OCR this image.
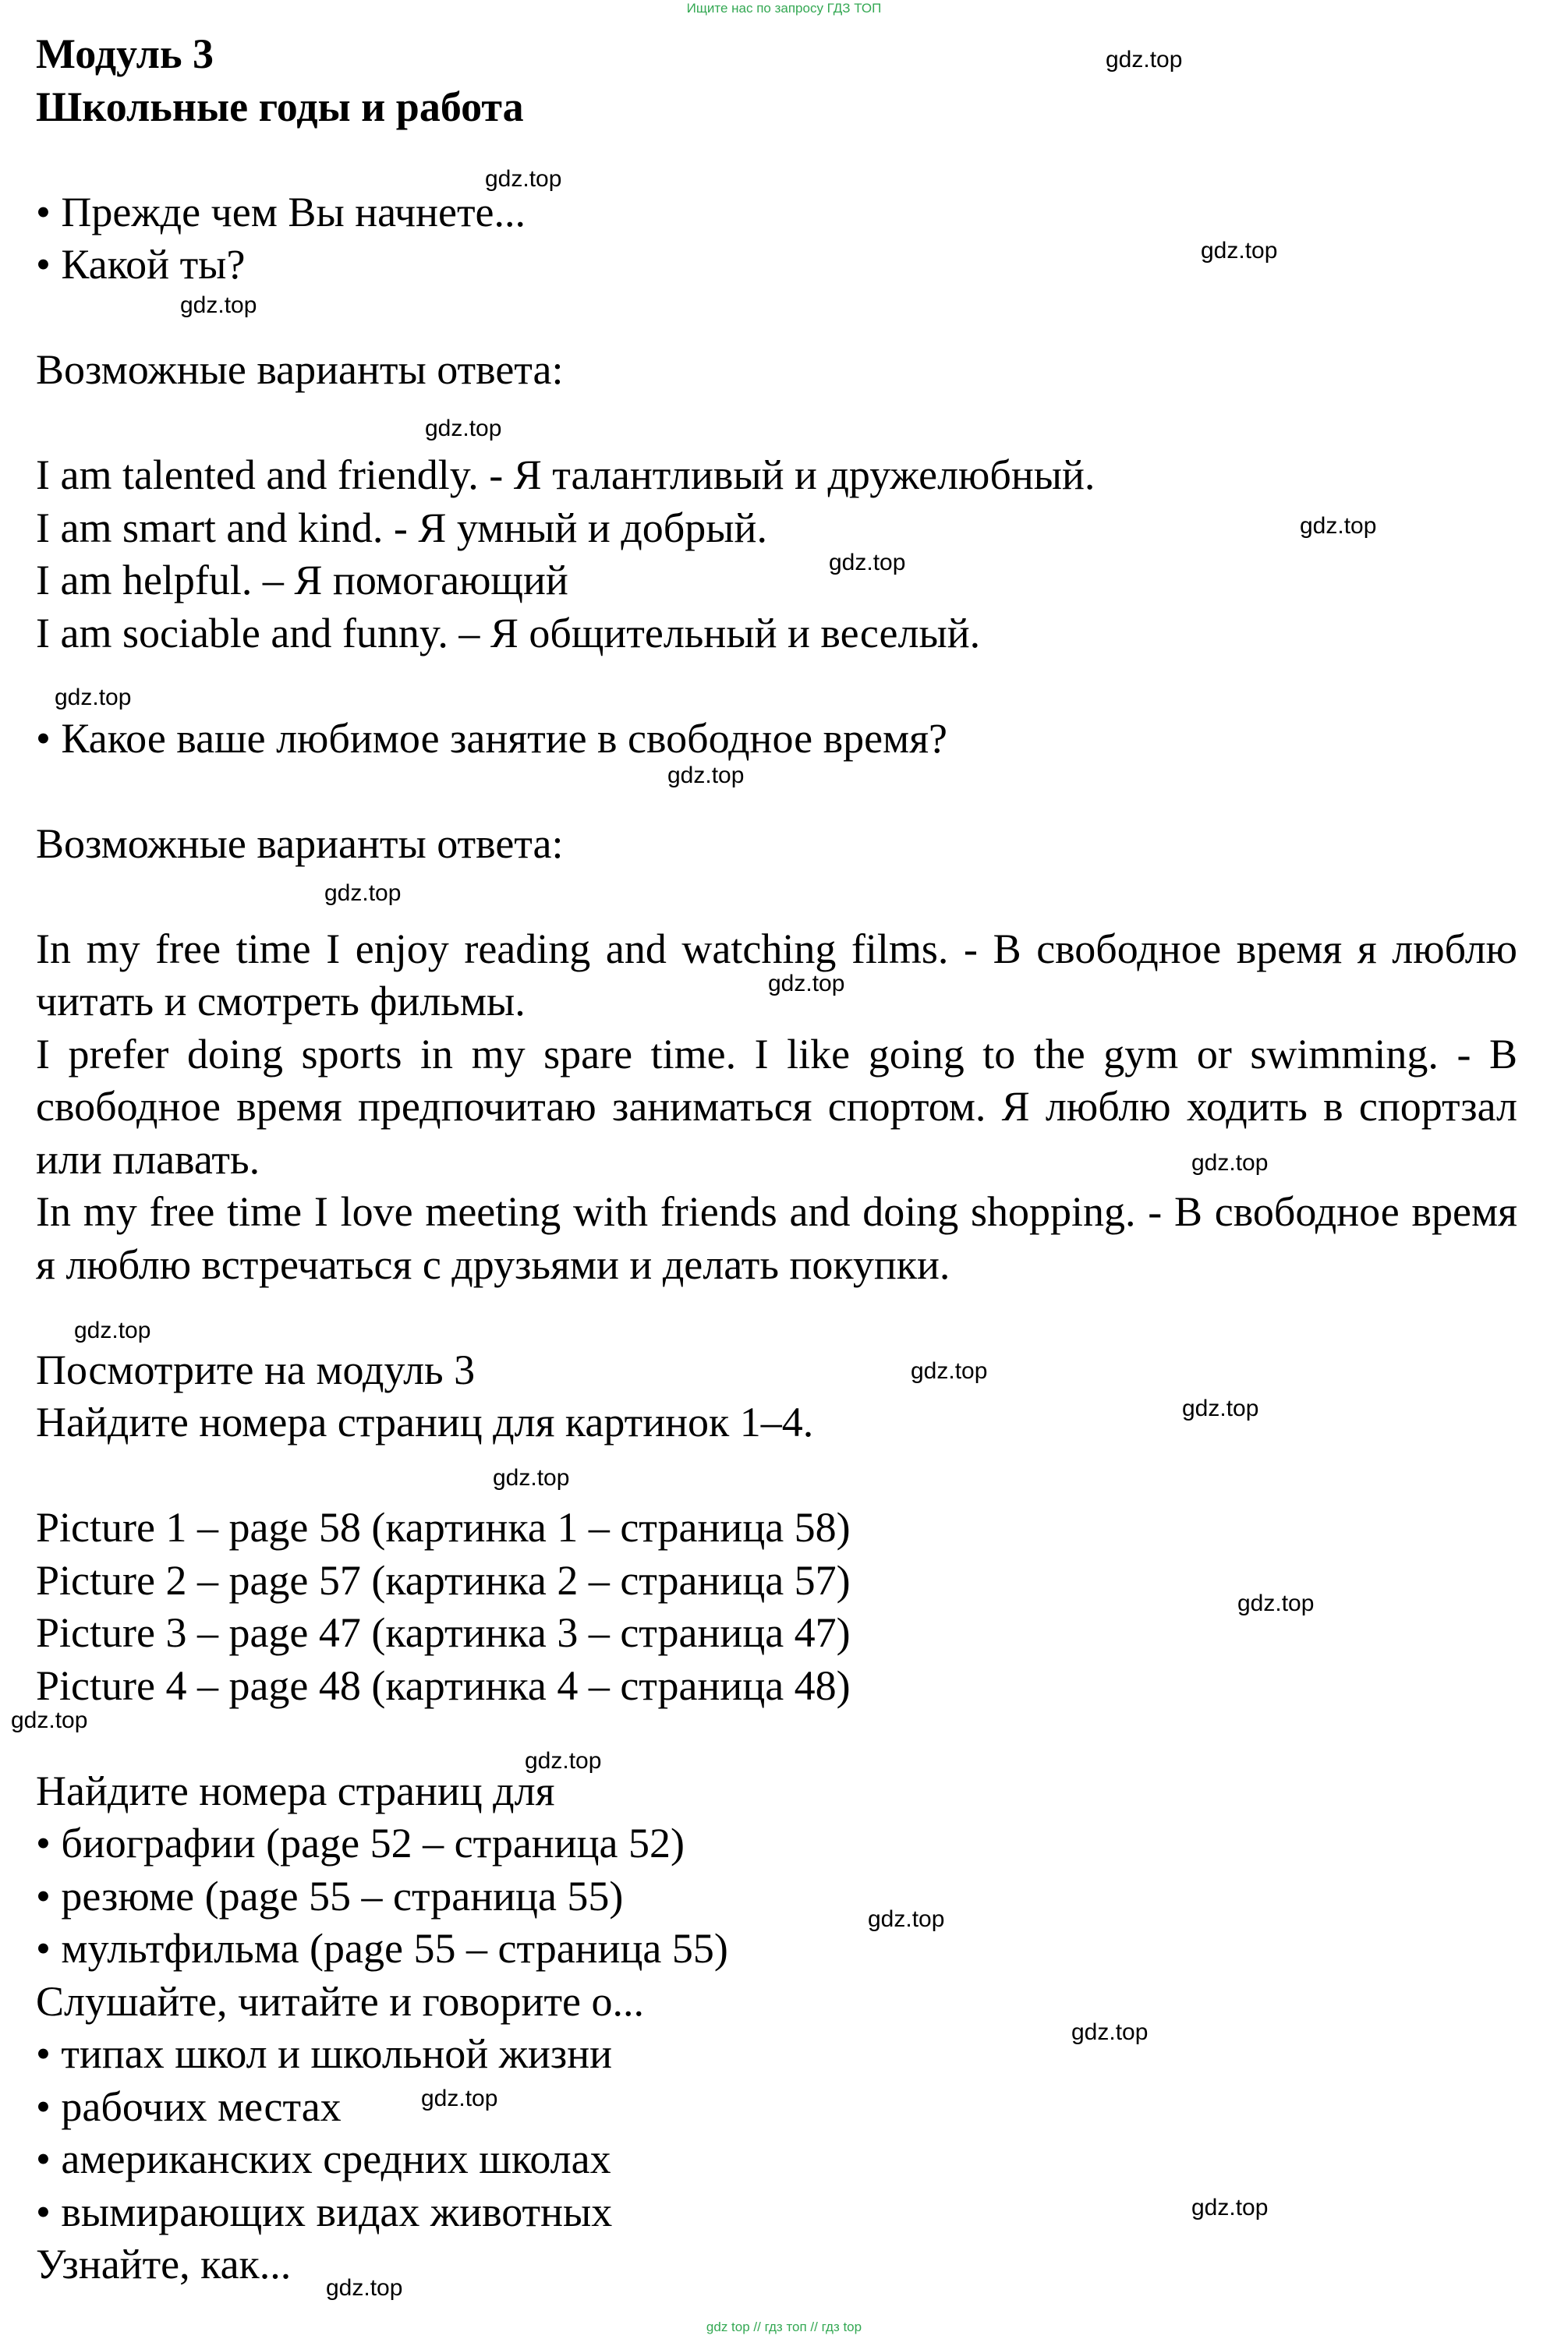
Ищите нас по запросу ГДЗ ТОП
Модуль 3
Школьные годы и работа

• Прежде чем Вы начнете...

• Какой ты?

Возможные варианты ответа:

I am talented and friendly. - Я талантливый и дружелюбный.

I am smart and kind. - Я умный и добрый.

I am helpful. – Я помогающий

I am sociable and funny. – Я общительный и веселый.

• Какое ваше любимое занятие в свободное время?

Возможные варианты ответа:

In my free time I enjoy reading and watching films. - В свободное время я люблю читать и смотреть фильмы.

I prefer doing sports in my spare time. I like going to the gym or swimming. - В свободное время предпочитаю заниматься спортом. Я люблю ходить в спортзал или плавать.

In my free time I love meeting with friends and doing shopping. - В свободное время я люблю встречаться с друзьями и делать покупки.

Посмотрите на модуль 3

Найдите номера страниц для картинок 1–4.

Picture 1 – page 58 (картинка 1 – страница 58)

Picture 2 – page 57 (картинка 2 – страница 57)

Picture 3 – page 47 (картинка 3 – страница 47)

Picture 4 – page 48 (картинка 4 – страница 48)

Найдите номера страниц для

• биографии (page 52 – страница 52)

• резюме (page 55 – страница 55)

• мультфильма (page 55 – страница 55)

Слушайте, читайте и говорите о...

• типах школ и школьной жизни

• рабочих местах

• американских средних школах

• вымирающих видах животных

Узнайте, как...

gdz.top
gdz.top
gdz.top
gdz.top
gdz.top
gdz.top
gdz.top
gdz.top
gdz.top
gdz.top
gdz.top
gdz.top
gdz.top
gdz.top
gdz.top
gdz.top
gdz.top
gdz.top
gdz.top
gdz.top
gdz.top
gdz.top
gdz.top
gdz.top
gdz top // гдз топ // гдз top
